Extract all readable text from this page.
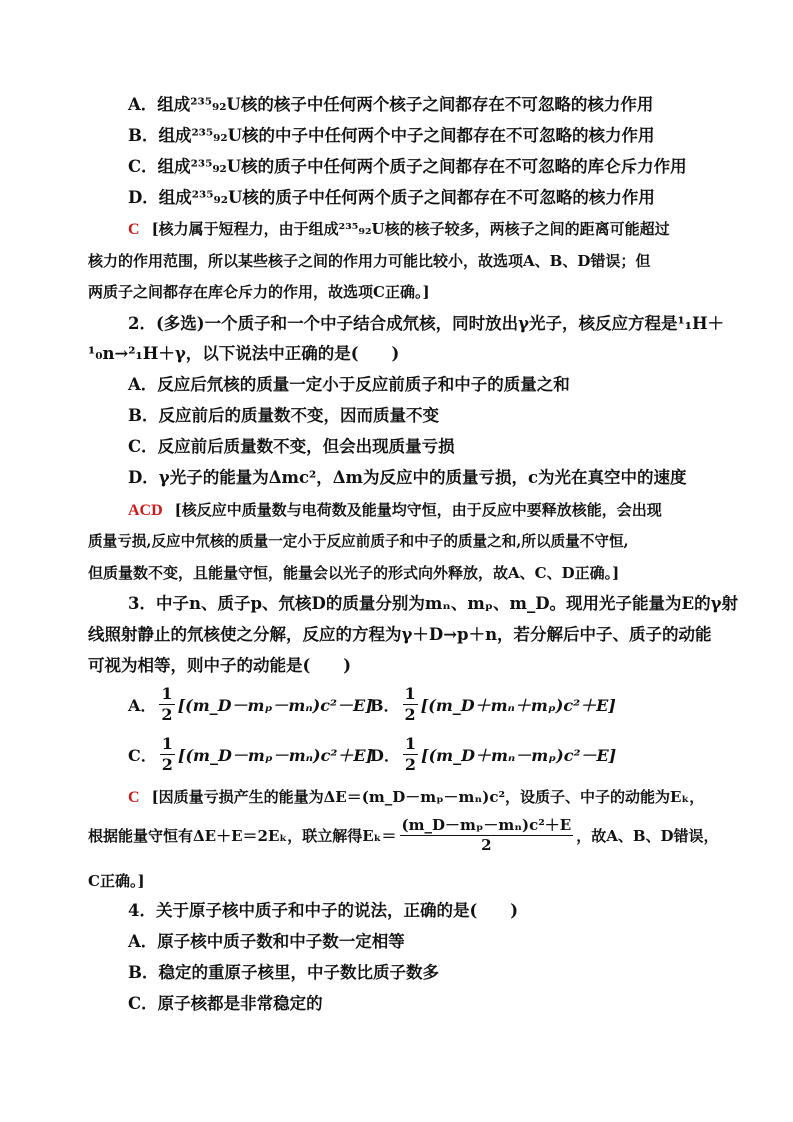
A．组成²³⁵₉₂U核的核子中任何两个核子之间都存在不可忽略的核力作用
B．组成²³⁵₉₂U核的中子中任何两个中子之间都存在不可忽略的核力作用
C．组成²³⁵₉₂U核的质子中任何两个质子之间都存在不可忽略的库仑斥力作用
D．组成²³⁵₉₂U核的质子中任何两个质子之间都存在不可忽略的核力作用
C [核力属于短程力，由于组成²³⁵₉₂U核的核子较多，两核子之间的距离可能超过
核力的作用范围，所以某些核子之间的作用力可能比较小，故选项A、B、D错误；但
两质子之间都存在库仑斥力的作用，故选项C正确。]
2．(多选)一个质子和一个中子结合成氘核，同时放出γ光子，核反应方程是¹₁H＋
¹₀n→²₁H＋γ，以下说法中正确的是(　　)
A．反应后氘核的质量一定小于反应前质子和中子的质量之和
B．反应前后的质量数不变，因而质量不变
C．反应前后质量数不变，但会出现质量亏损
D．γ光子的能量为Δmc²，Δm为反应中的质量亏损，c为光在真空中的速度
ACD [核反应中质量数与电荷数及能量均守恒，由于反应中要释放核能，会出现
质量亏损,反应中氘核的质量一定小于反应前质子和中子的质量之和,所以质量不守恒,
但质量数不变，且能量守恒，能量会以光子的形式向外释放，故A、C、D正确。]
3．中子n、质子p、氘核D的质量分别为mₙ、mₚ、m_D。现用光子能量为E的γ射
线照射静止的氘核使之分解，反应的方程为γ＋D→p＋n，若分解后中子、质子的动能
可视为相等，则中子的动能是(　　)
A． $\frac{1}{2}$ [(m_D－mₚ－mₙ)c²－E]
B． $\frac{1}{2}$ [(m_D＋mₙ＋mₚ)c²＋E]
C． $\frac{1}{2}$ [(m_D－mₚ－mₙ)c²＋E]
D． $\frac{1}{2}$ [(m_D＋mₙ－mₚ)c²－E]
C [因质量亏损产生的能量为ΔE＝(m_D－mₚ－mₙ)c²，设质子、中子的动能为Eₖ，
根据能量守恒有ΔE＋E＝2Eₖ，联立解得$E_k= \frac{\text{(m\_D－mₚ－mₙ)c²＋E}}{2}$ ，故A、B、D错误，
C正确。]
4．关于原子核中质子和中子的说法，正确的是(　　)
A．原子核中质子数和中子数一定相等
B．稳定的重原子核里，中子数比质子数多
C．原子核都是非常稳定的
